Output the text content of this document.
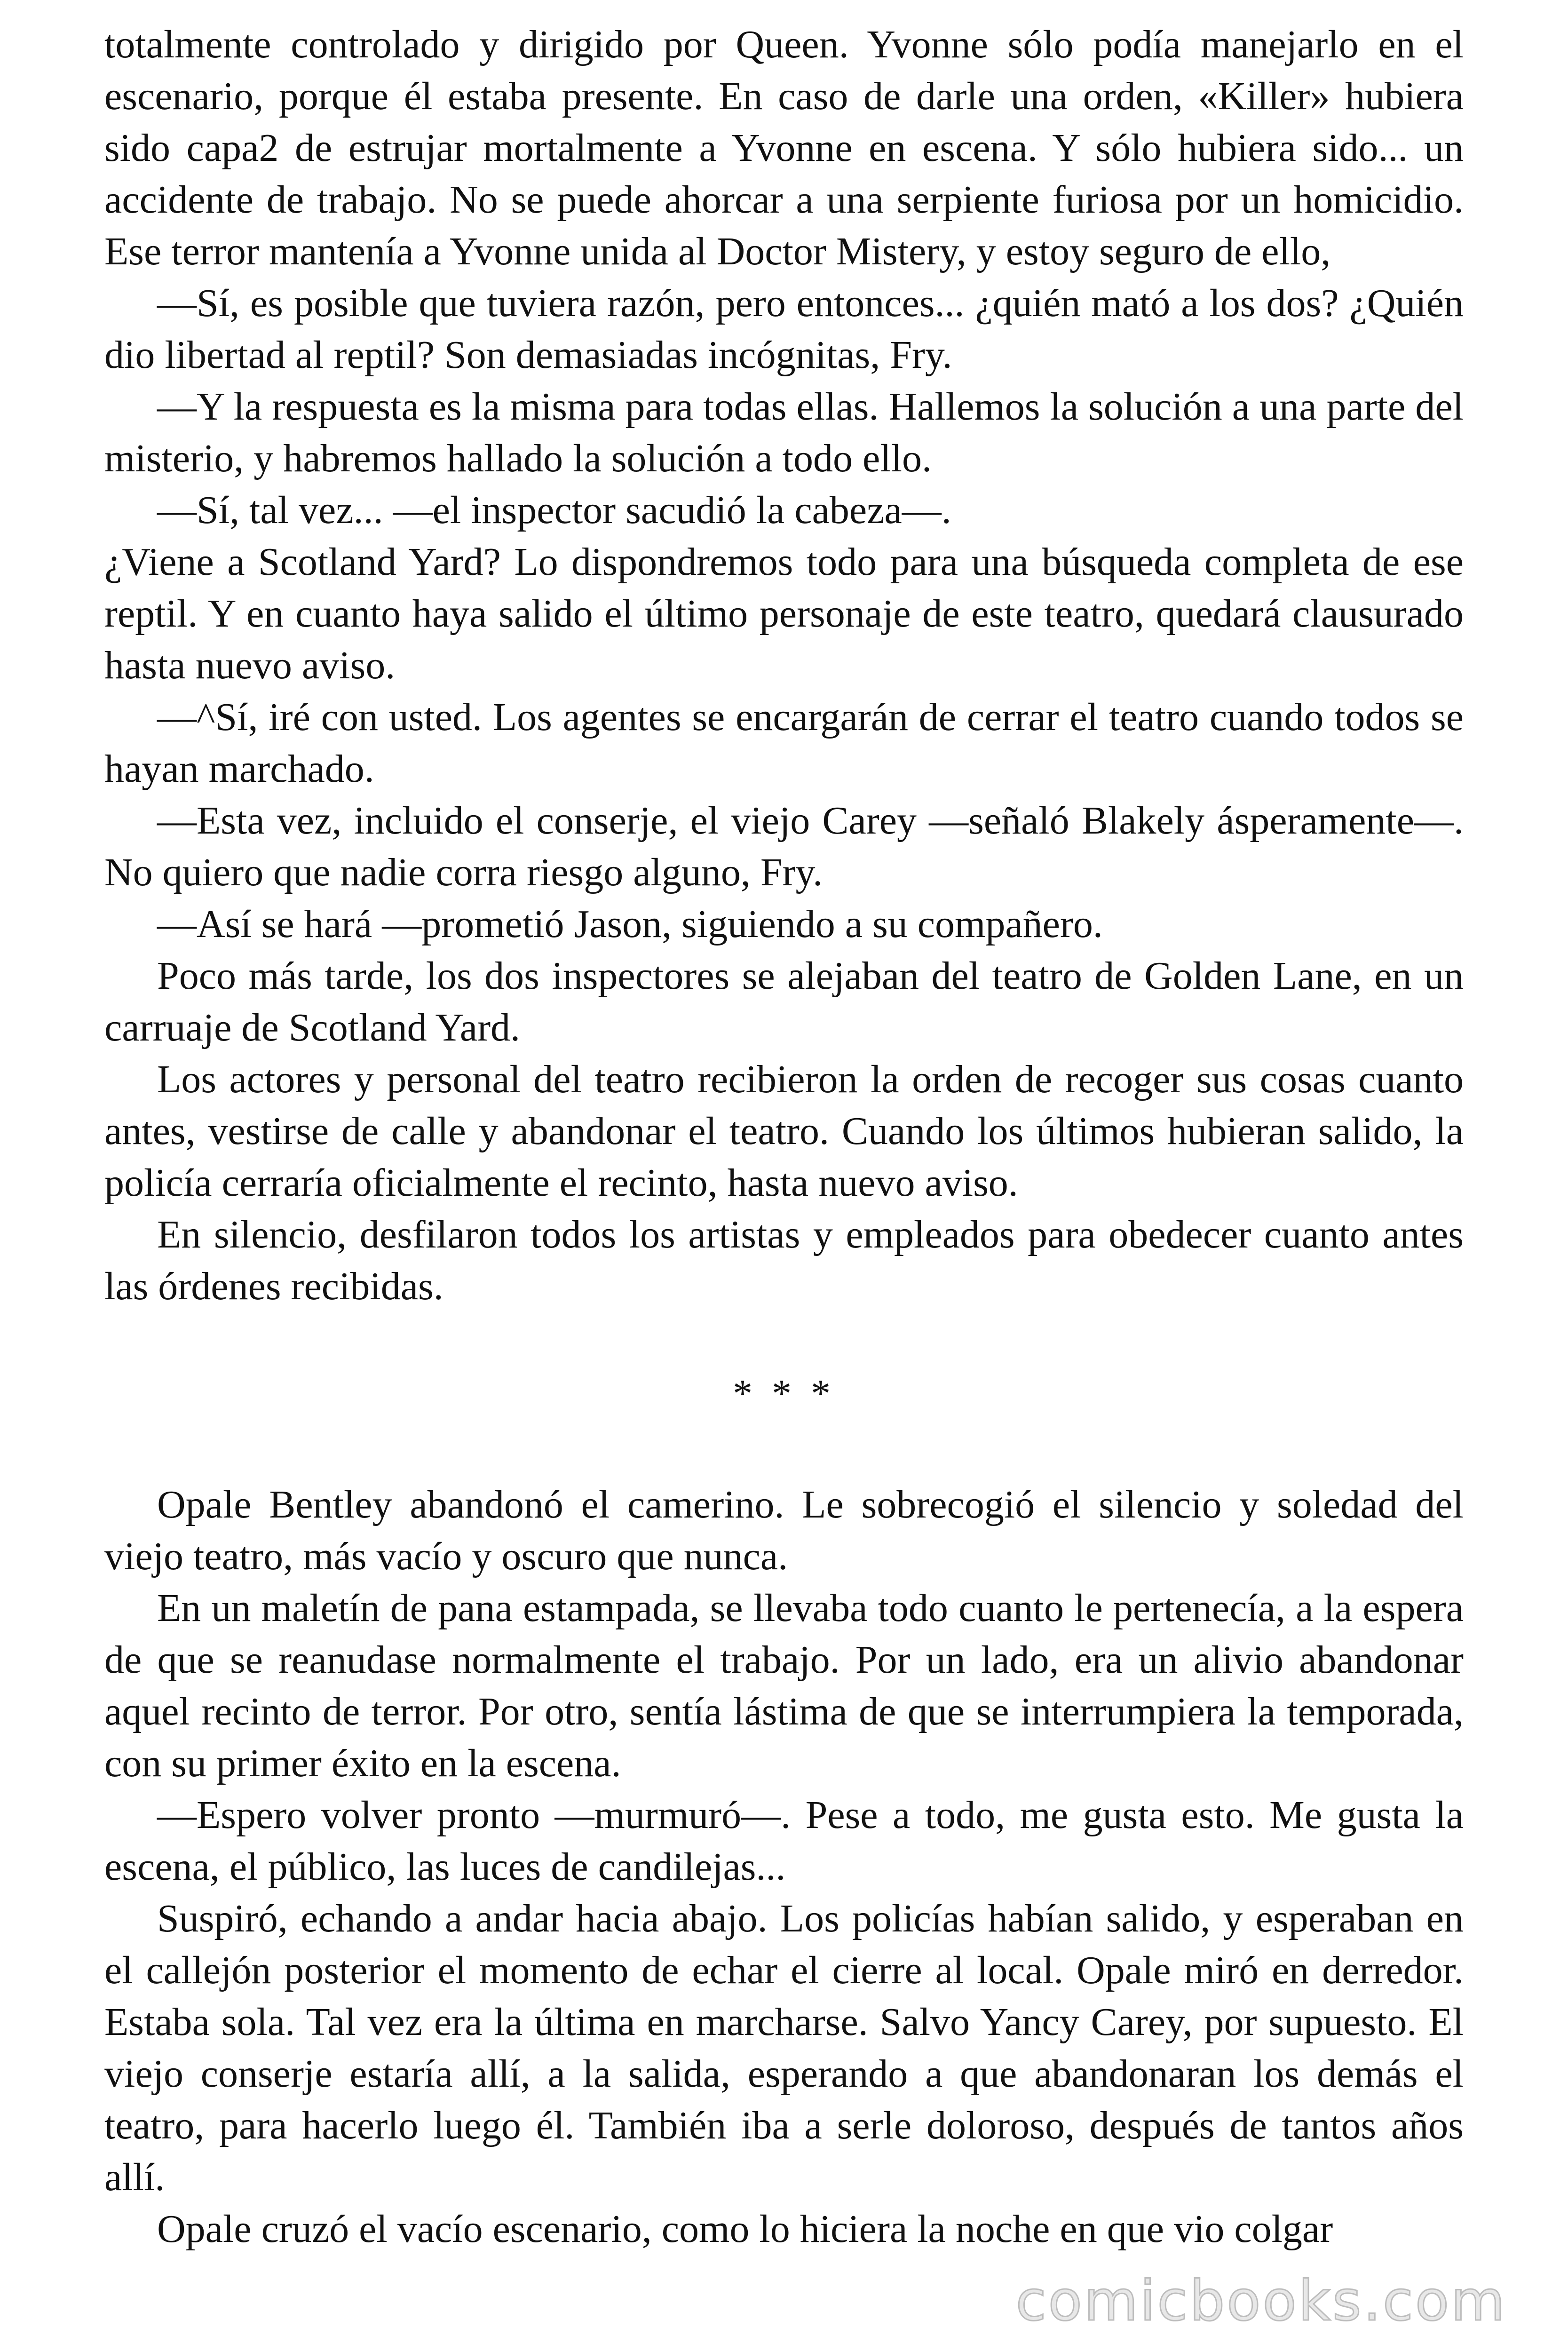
totalmente controlado y dirigido por Queen. Yvonne sólo podía manejarlo en el escenario, porque él estaba presente. En caso de darle una orden, «Killer» hubiera sido capa2 de estrujar mortalmente a Yvonne en escena. Y sólo hubiera sido... un accidente de trabajo. No se puede ahorcar a una serpiente furiosa por un homicidio. Ese terror mantenía a Yvonne unida al Doctor Mistery, y estoy seguro de ello,

—Sí, es posible que tuviera razón, pero entonces... ¿quién mató a los dos? ¿Quién dio libertad al reptil? Son demasiadas incógnitas, Fry.

—Y la respuesta es la misma para todas ellas. Hallemos la solución a una parte del misterio, y habremos hallado la solución a todo ello.

—Sí, tal vez... —el inspector sacudió la cabeza—.

¿Viene a Scotland Yard? Lo dispondremos todo para una búsqueda completa de ese reptil. Y en cuanto haya salido el último personaje de este teatro, quedará clausurado hasta nuevo aviso.

—^Sí, iré con usted. Los agentes se encargarán de cerrar el teatro cuando todos se hayan marchado.

—Esta vez, incluido el conserje, el viejo Carey —señaló Blakely ásperamente—. No quiero que nadie corra riesgo alguno, Fry.

—Así se hará —prometió Jason, siguiendo a su compañero.

Poco más tarde, los dos inspectores se alejaban del teatro de Golden Lane, en un carruaje de Scotland Yard.

Los actores y personal del teatro recibieron la orden de recoger sus cosas cuanto antes, vestirse de calle y abandonar el teatro. Cuando los últimos hubieran salido, la policía cerraría oficialmente el recinto, hasta nuevo aviso.

En silencio, desfilaron todos los artistas y empleados para obedecer cuanto antes las órdenes recibidas.

* * *

Opale Bentley abandonó el camerino. Le sobrecogió el silencio y soledad del viejo teatro, más vacío y oscuro que nunca.

En un maletín de pana estampada, se llevaba todo cuanto le pertenecía, a la espera de que se reanudase normalmente el trabajo. Por un lado, era un alivio abandonar aquel recinto de terror. Por otro, sentía lástima de que se interrumpiera la temporada, con su primer éxito en la escena.

—Espero volver pronto —murmuró—. Pese a todo, me gusta esto. Me gusta la escena, el público, las luces de candilejas...

Suspiró, echando a andar hacia abajo. Los policías habían salido, y esperaban en el callejón posterior el momento de echar el cierre al local. Opale miró en derredor. Estaba sola. Tal vez era la última en marcharse. Salvo Yancy Carey, por supuesto. El viejo conserje estaría allí, a la salida, esperando a que abandonaran los demás el teatro, para hacerlo luego él. También iba a serle doloroso, después de tantos años allí.

Opale cruzó el vacío escenario, como lo hiciera la noche en que vio colgar

comicbooks.com
